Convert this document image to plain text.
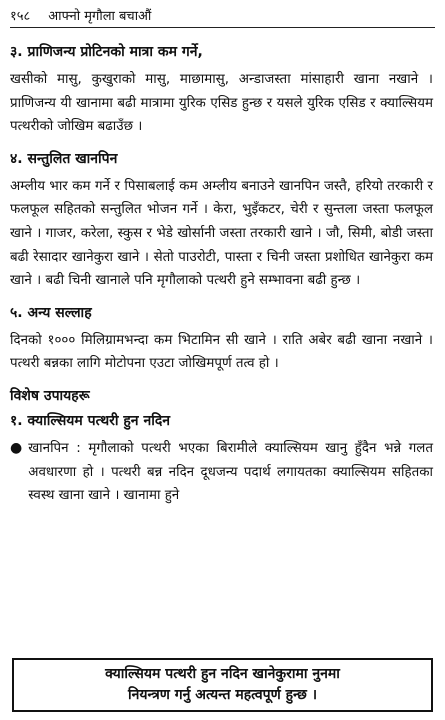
१५८ आफ्नो मृगौला बचाऔं
३. प्राणिजन्य प्रोटिनको मात्रा कम गर्ने,

खसीको मासु, कुखुराको मासु, माछामासु, अन्डाजस्ता मांसाहारी खाना नखाने । प्राणिजन्य यी खानामा बढी मात्रामा युरिक एसिड हुन्छ र यसले युरिक एसिड र क्याल्सियम पत्थरीको जोखिम बढाउँछ ।

४. सन्तुलित खानपिन

अम्लीय भार कम गर्ने र पिसाबलाई कम अम्लीय बनाउने खानपिन जस्तै, हरियो तरकारी र फलफूल सहितको सन्तुलित भोजन गर्ने । केरा, भुइँकटर, चेरी र सुन्तला जस्ता फलफूल खाने । गाजर, करेला, स्कुस र भेडे खोर्सानी जस्ता तरकारी खाने । जौ, सिमी, बोडी जस्ता बढी रेसादार खानेकुरा खाने । सेतो पाउरोटी, पास्ता र चिनी जस्ता प्रशोधित खानेकुरा कम खाने । बढी चिनी खानाले पनि मृगौलाको पत्थरी हुने सम्भावना बढी हुन्छ ।

५. अन्य सल्लाह

दिनको १००० मिलिग्रामभन्दा कम भिटामिन सी खाने । राति अबेर बढी खाना नखाने । पत्थरी बन्नका लागि मोटोपना एउटा जोखिमपूर्ण तत्व हो ।

विशेष उपायहरू
१. क्याल्सियम पत्थरी हुन नदिन
● खानपिन : मृगौलाको पत्थरी भएका बिरामीले क्याल्सियम खानु हुँदैन भन्ने गलत अवधारणा हो । पत्थरी बन्न नदिन दूधजन्य पदार्थ लगायतका क्याल्सियम सहितका स्वस्थ खाना खाने । खानामा हुने

क्याल्सियम पत्थरी हुन नदिन खानेकुरामा नुनमा
नियन्त्रण गर्नु अत्यन्त महत्वपूर्ण हुन्छ ।
